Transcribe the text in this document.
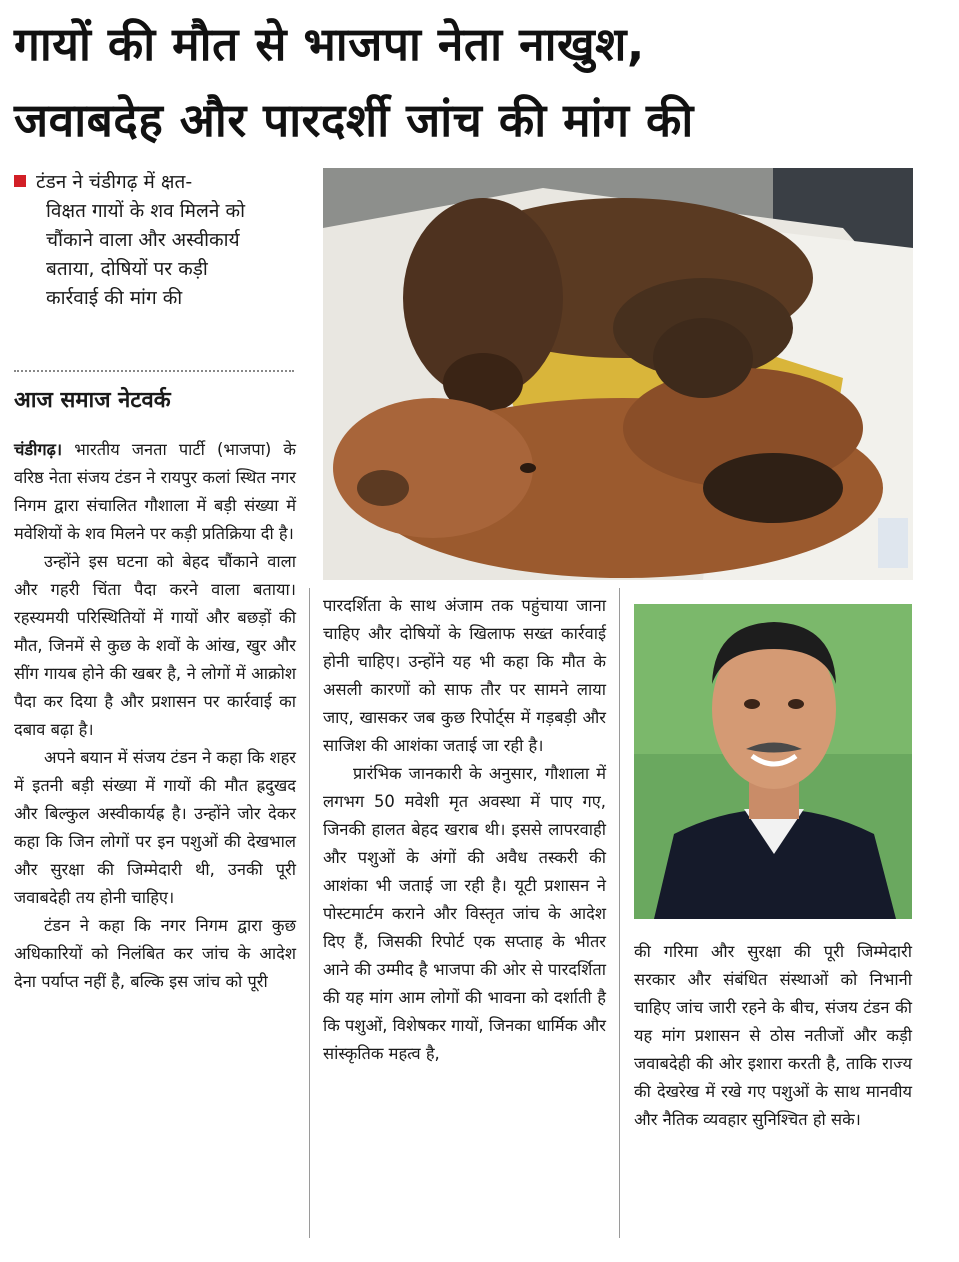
गायों की मौत से भाजपा नेता नाखुश,
जवाबदेह और पारदर्शी जांच की मांग की
टंडन ने चंडीगढ़ में क्षत-
विक्षत गायों के शव मिलने को
चौंकाने वाला और अस्वीकार्य
बताया, दोषियों पर कड़ी
कार्रवाई की मांग की
आज समाज नेटवर्क

चंडीगढ़। भारतीय जनता पार्टी (भाजपा) के वरिष्ठ नेता संजय टंडन ने रायपुर कलां स्थित नगर निगम द्वारा संचालित गौशाला में बड़ी संख्या में मवेशियों के शव मिलने पर कड़ी प्रतिक्रिया दी है।

उन्होंने इस घटना को बेहद चौंकाने वाला और गहरी चिंता पैदा करने वाला बताया। रहस्यमयी परिस्थितियों में गायों और बछड़ों की मौत, जिनमें से कुछ के शवों के आंख, खुर और सींग गायब होने की खबर है, ने लोगों में आक्रोश पैदा कर दिया है और प्रशासन पर कार्रवाई का दबाव बढ़ा है।

अपने बयान में संजय टंडन ने कहा कि शहर में इतनी बड़ी संख्या में गायों की मौत ह्रदुखद और बिल्कुल अस्वीकार्यह्र है। उन्होंने जोर देकर कहा कि जिन लोगों पर इन पशुओं की देखभाल और सुरक्षा की जिम्मेदारी थी, उनकी पूरी जवाबदेही तय होनी चाहिए।

टंडन ने कहा कि नगर निगम द्वारा कुछ अधिकारियों को निलंबित कर जांच के आदेश देना पर्याप्त नहीं है, बल्कि इस जांच को पूरी

पारदर्शिता के साथ अंजाम तक पहुंचाया जाना चाहिए और दोषियों के खिलाफ सख्त कार्रवाई होनी चाहिए। उन्होंने यह भी कहा कि मौत के असली कारणों को साफ तौर पर सामने लाया जाए, खासकर जब कुछ रिपोर्ट्स में गड़बड़ी और साजिश की आशंका जताई जा रही है।

प्रारंभिक जानकारी के अनुसार, गौशाला में लगभग 50 मवेशी मृत अवस्था में पाए गए, जिनकी हालत बेहद खराब थी। इससे लापरवाही और पशुओं के अंगों की अवैध तस्करी की आशंका भी जताई जा रही है। यूटी प्रशासन ने पोस्टमार्टम कराने और विस्तृत जांच के आदेश दिए हैं, जिसकी रिपोर्ट एक सप्ताह के भीतर आने की उम्मीद है भाजपा की ओर से पारदर्शिता की यह मांग आम लोगों की भावना को दर्शाती है कि पशुओं, विशेषकर गायों, जिनका धार्मिक और सांस्कृतिक महत्व है,

की गरिमा और सुरक्षा की पूरी जिम्मेदारी सरकार और संबंधित संस्थाओं को निभानी चाहिए जांच जारी रहने के बीच, संजय टंडन की यह मांग प्रशासन से ठोस नतीजों और कड़ी जवाबदेही की ओर इशारा करती है, ताकि राज्य की देखरेख में रखे गए पशुओं के साथ मानवीय और नैतिक व्यवहार सुनिश्चित हो सके।
